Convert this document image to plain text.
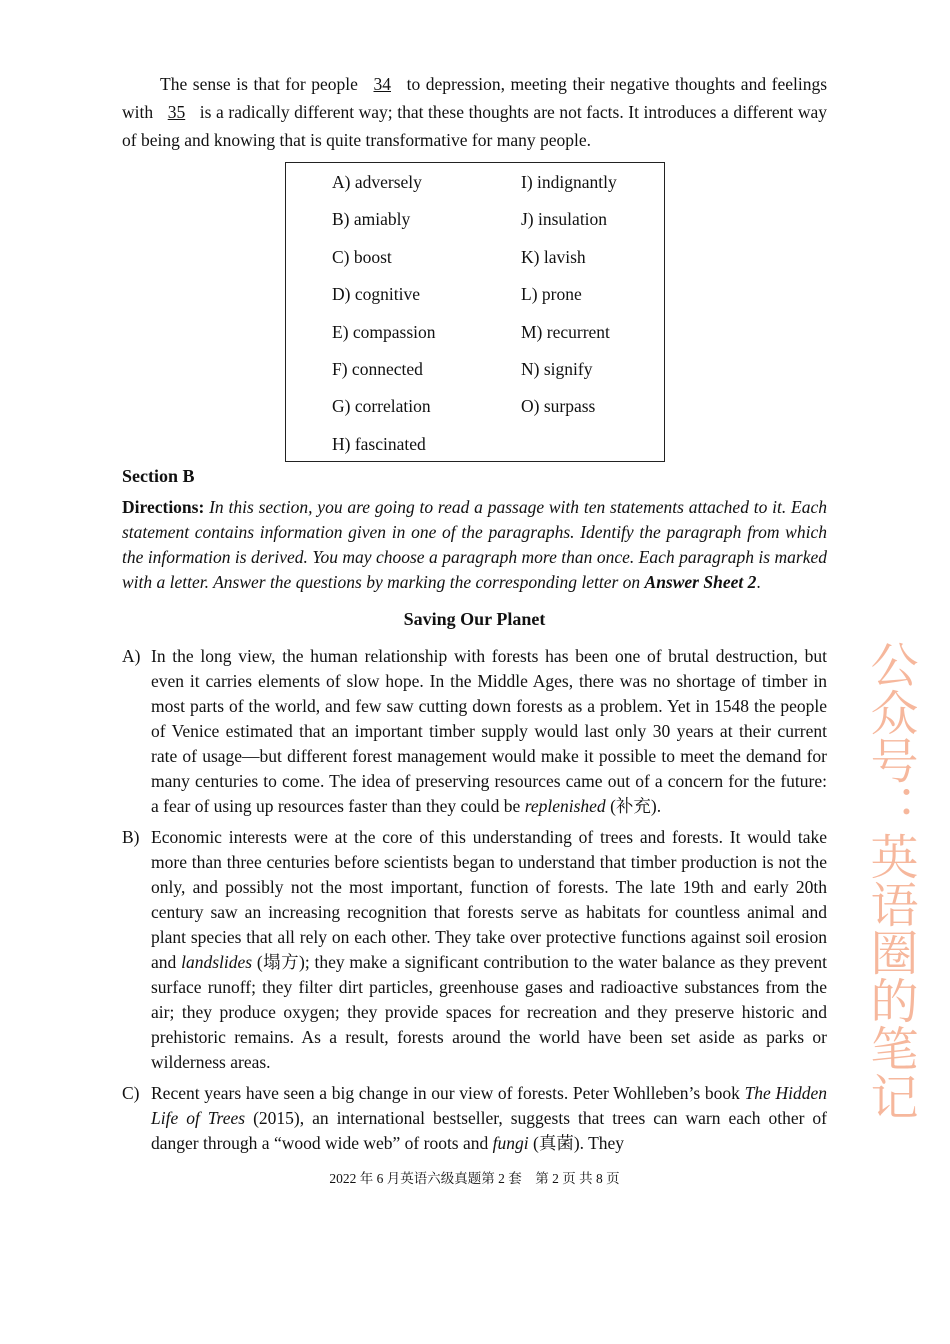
The sense is that for people 34 to depression, meeting their negative thoughts and feelings with 35 is a radically different way; that these thoughts are not facts. It introduces a different way of being and knowing that is quite transformative for many people.

A) adversely
B) amiably
C) boost
D) cognitive
E) compassion
F) connected
G) correlation
H) fascinated
I) indignantly
J) insulation
K) lavish
L) prone
M) recurrent
N) signify
O) surpass
Section B
Directions: In this section, you are going to read a passage with ten statements attached to it. Each statement contains information given in one of the paragraphs. Identify the paragraph from which the information is derived. You may choose a paragraph more than once. Each paragraph is marked with a letter. Answer the questions by marking the corresponding letter on Answer Sheet 2.
Saving Our Planet
A) In the long view, the human relationship with forests has been one of brutal destruction, but even it carries elements of slow hope. In the Middle Ages, there was no shortage of timber in most parts of the world, and few saw cutting down forests as a problem. Yet in 1548 the people of Venice estimated that an important timber supply would last only 30 years at their current rate of usage—but different forest management would make it possible to meet the demand for many centuries to come. The idea of preserving resources came out of a concern for the future: a fear of using up resources faster than they could be replenished (补充).
B) Economic interests were at the core of this understanding of trees and forests. It would take more than three centuries before scientists began to understand that timber production is not the only, and possibly not the most important, function of forests. The late 19th and early 20th century saw an increasing recognition that forests serve as habitats for countless animal and plant species that all rely on each other. They take over protective functions against soil erosion and landslides (塌方); they make a significant contribution to the water balance as they prevent surface runoff; they filter dirt particles, greenhouse gases and radioactive substances from the air; they produce oxygen; they provide spaces for recreation and they preserve historic and prehistoric remains. As a result, forests around the world have been set aside as parks or wilderness areas.
C) Recent years have seen a big change in our view of forests. Peter Wohlleben’s book The Hidden Life of Trees (2015), an international bestseller, suggests that trees can warn each other of danger through a “wood wide web” of roots and fungi (真菌). They
2022 年 6 月英语六级真题第 2 套　第 2 页 共 8 页
公众号：英语圈的笔记
